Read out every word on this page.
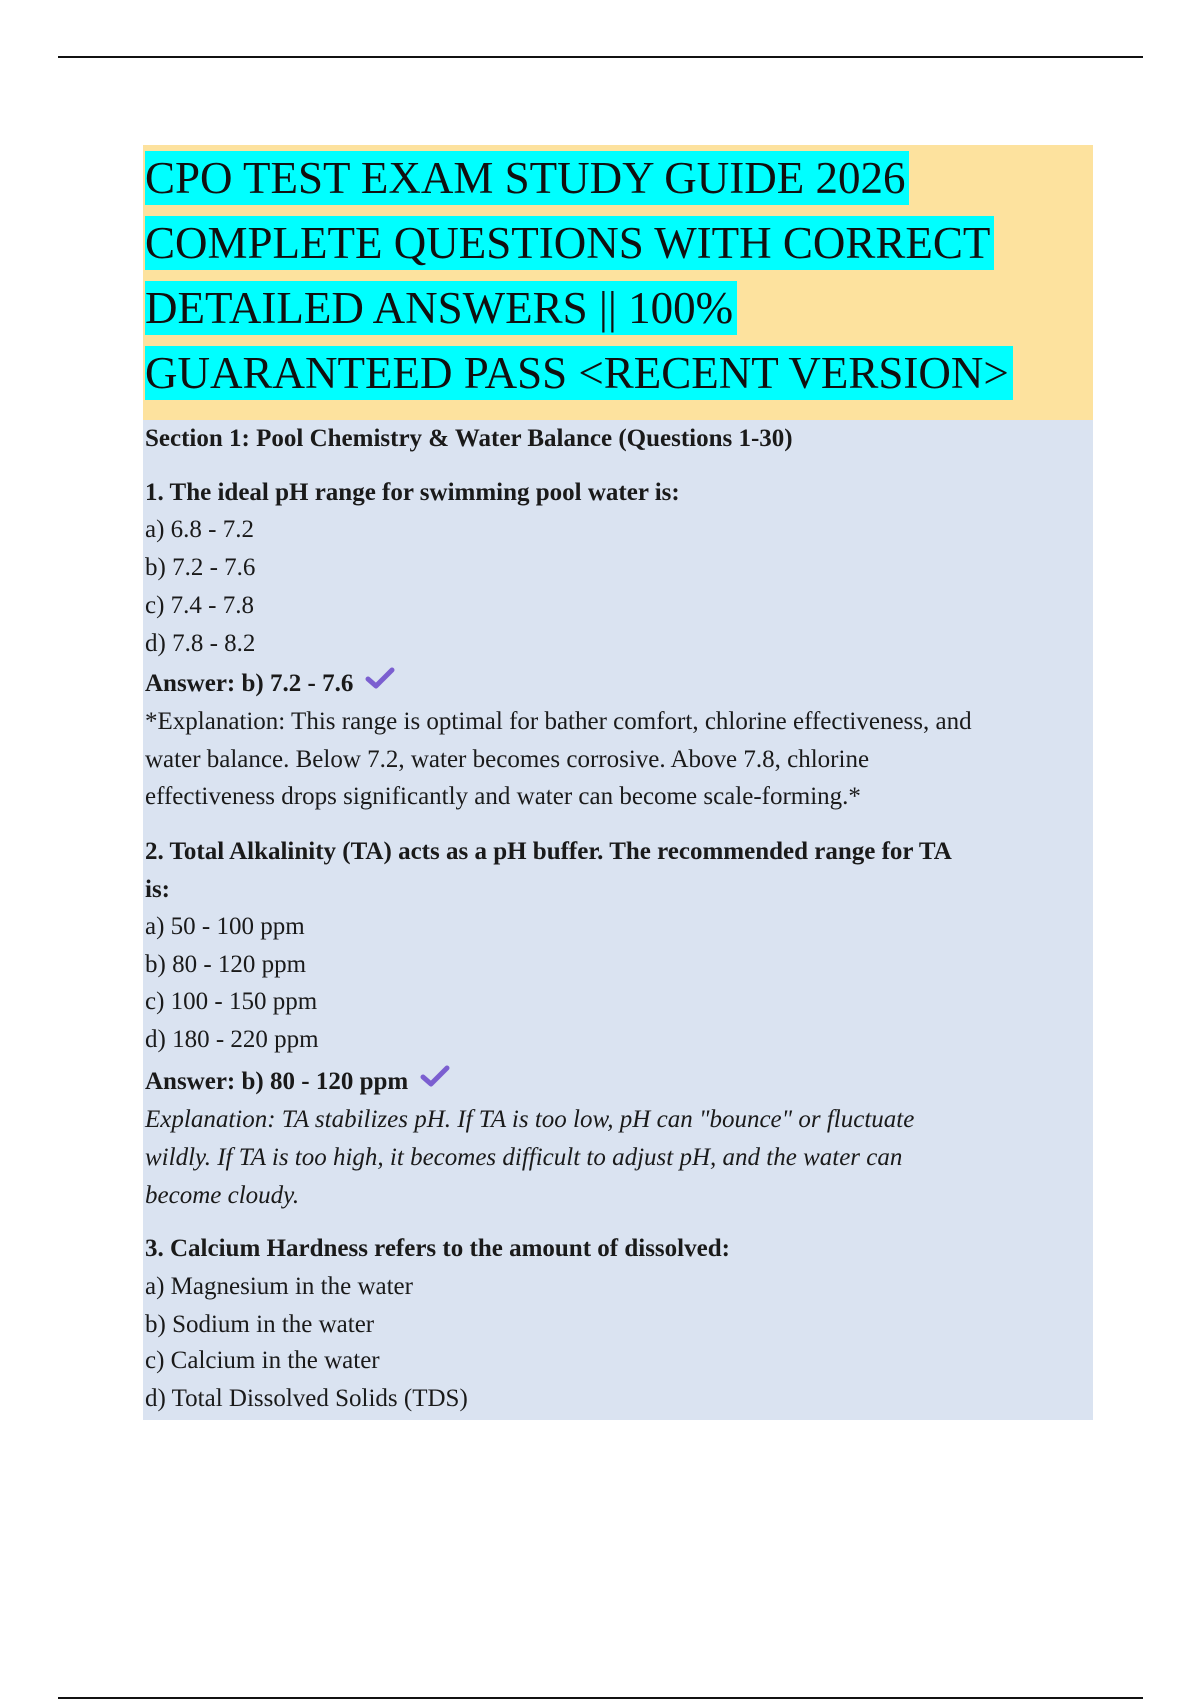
CPO TEST EXAM STUDY GUIDE 2026
COMPLETE QUESTIONS WITH CORRECT
DETAILED ANSWERS || 100%
GUARANTEED PASS <RECENT VERSION>
Section 1: Pool Chemistry & Water Balance (Questions 1-30)
1. The ideal pH range for swimming pool water is:
a) 6.8 - 7.2
b) 7.2 - 7.6
c) 7.4 - 7.8
d) 7.8 - 8.2
Answer: b) 7.2 - 7.6
*Explanation: This range is optimal for bather comfort, chlorine effectiveness, and
water balance. Below 7.2, water becomes corrosive. Above 7.8, chlorine
effectiveness drops significantly and water can become scale-forming.*
2. Total Alkalinity (TA) acts as a pH buffer. The recommended range for TA
is:
a) 50 - 100 ppm
b) 80 - 120 ppm
c) 100 - 150 ppm
d) 180 - 220 ppm
Answer: b) 80 - 120 ppm
Explanation: TA stabilizes pH. If TA is too low, pH can "bounce" or fluctuate
wildly. If TA is too high, it becomes difficult to adjust pH, and the water can
become cloudy.
3. Calcium Hardness refers to the amount of dissolved:
a) Magnesium in the water
b) Sodium in the water
c) Calcium in the water
d) Total Dissolved Solids (TDS)
